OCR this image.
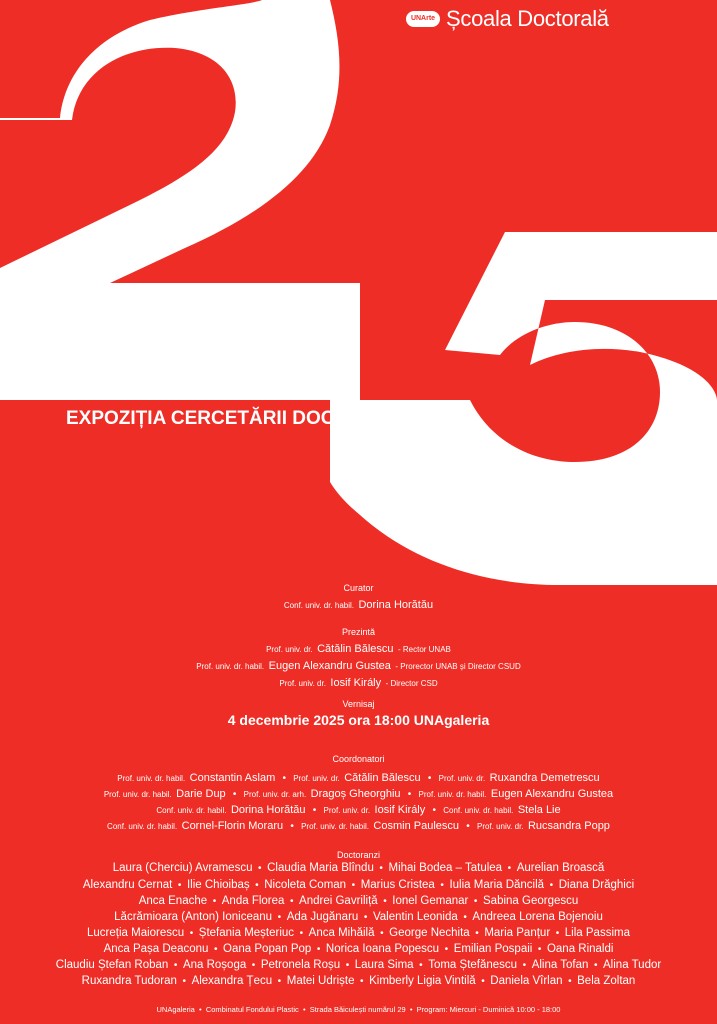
UNArte Școala Doctorală
4 - 15 DECEMBRIE 2025
EXPOZIȚIA CERCETĂRII DOCTORALE
Curator
Conf. univ. dr. habil. Dorina Horătău
Prezintă
Prof. univ. dr. Cătălin Bălescu - Rector UNAB
Prof. univ. dr. habil. Eugen Alexandru Gustea - Prorector UNAB și Director CSUD
Prof. univ. dr. Iosif Király - Director CSD
Vernisaj
4 decembrie 2025 ora 18:00 UNAgaleria
Coordonatori
Prof. univ. dr. habil. Constantin Aslam  •  Prof. univ. dr. Cătălin Bălescu  •  Prof. univ. dr. Ruxandra Demetrescu
Prof. univ. dr. habil. Darie Dup  •  Prof. univ. dr. arh. Dragoș Gheorghiu  •  Prof. univ. dr. habil. Eugen Alexandru Gustea
Conf. univ. dr. habil. Dorina Horătău  •  Prof. univ. dr. Iosif Király  •  Conf. univ. dr. habil. Stela Lie
Conf. univ. dr. habil. Cornel-Florin Moraru  •  Prof. univ. dr. habil. Cosmin Paulescu  •  Prof. univ. dr. Rucsandra Popp
Doctoranzi
Laura (Cherciu) Avramescu  •  Claudia Maria Blîndu  •  Mihai Bodea – Tatulea  •  Aurelian Broască
Alexandru Cernat  •  Ilie Chioibaș  •  Nicoleta Coman  •  Marius Cristea  •  Iulia Maria Dăncilă  •  Diana Drăghici
Anca Enache  •  Anda Florea  •  Andrei Gavriliță  •  Ionel Gemanar  •  Sabina Georgescu
Lăcrămioara (Anton) Ioniceanu  •  Ada Jugănaru  •  Valentin Leonida  •  Andreea Lorena Bojenoiu
Lucreția Maiorescu  •  Ștefania Meșteriuc  •  Anca Mihăilă  •  George Nechita  •  Maria Panțur  •  Lila Passima
Anca Pașa Deaconu  •  Oana Popan Pop  •  Norica Ioana Popescu  •  Emilian Pospaii  •  Oana Rinaldi
Claudiu Ștefan Roban  •  Ana Roșoga  •  Petronela Roșu  •  Laura Sima  •  Toma Ștefănescu  •  Alina Tofan  •  Alina Tudor
Ruxandra Tudoran  •  Alexandra Țecu  •  Matei Udriște  •  Kimberly Ligia Vintilă  •  Daniela Vîrlan  •  Bela Zoltan
UNAgaleria  •  Combinatul Fondului Plastic  •  Strada Băiculești numărul 29  •  Program: Miercuri - Duminică 10:00 - 18:00
